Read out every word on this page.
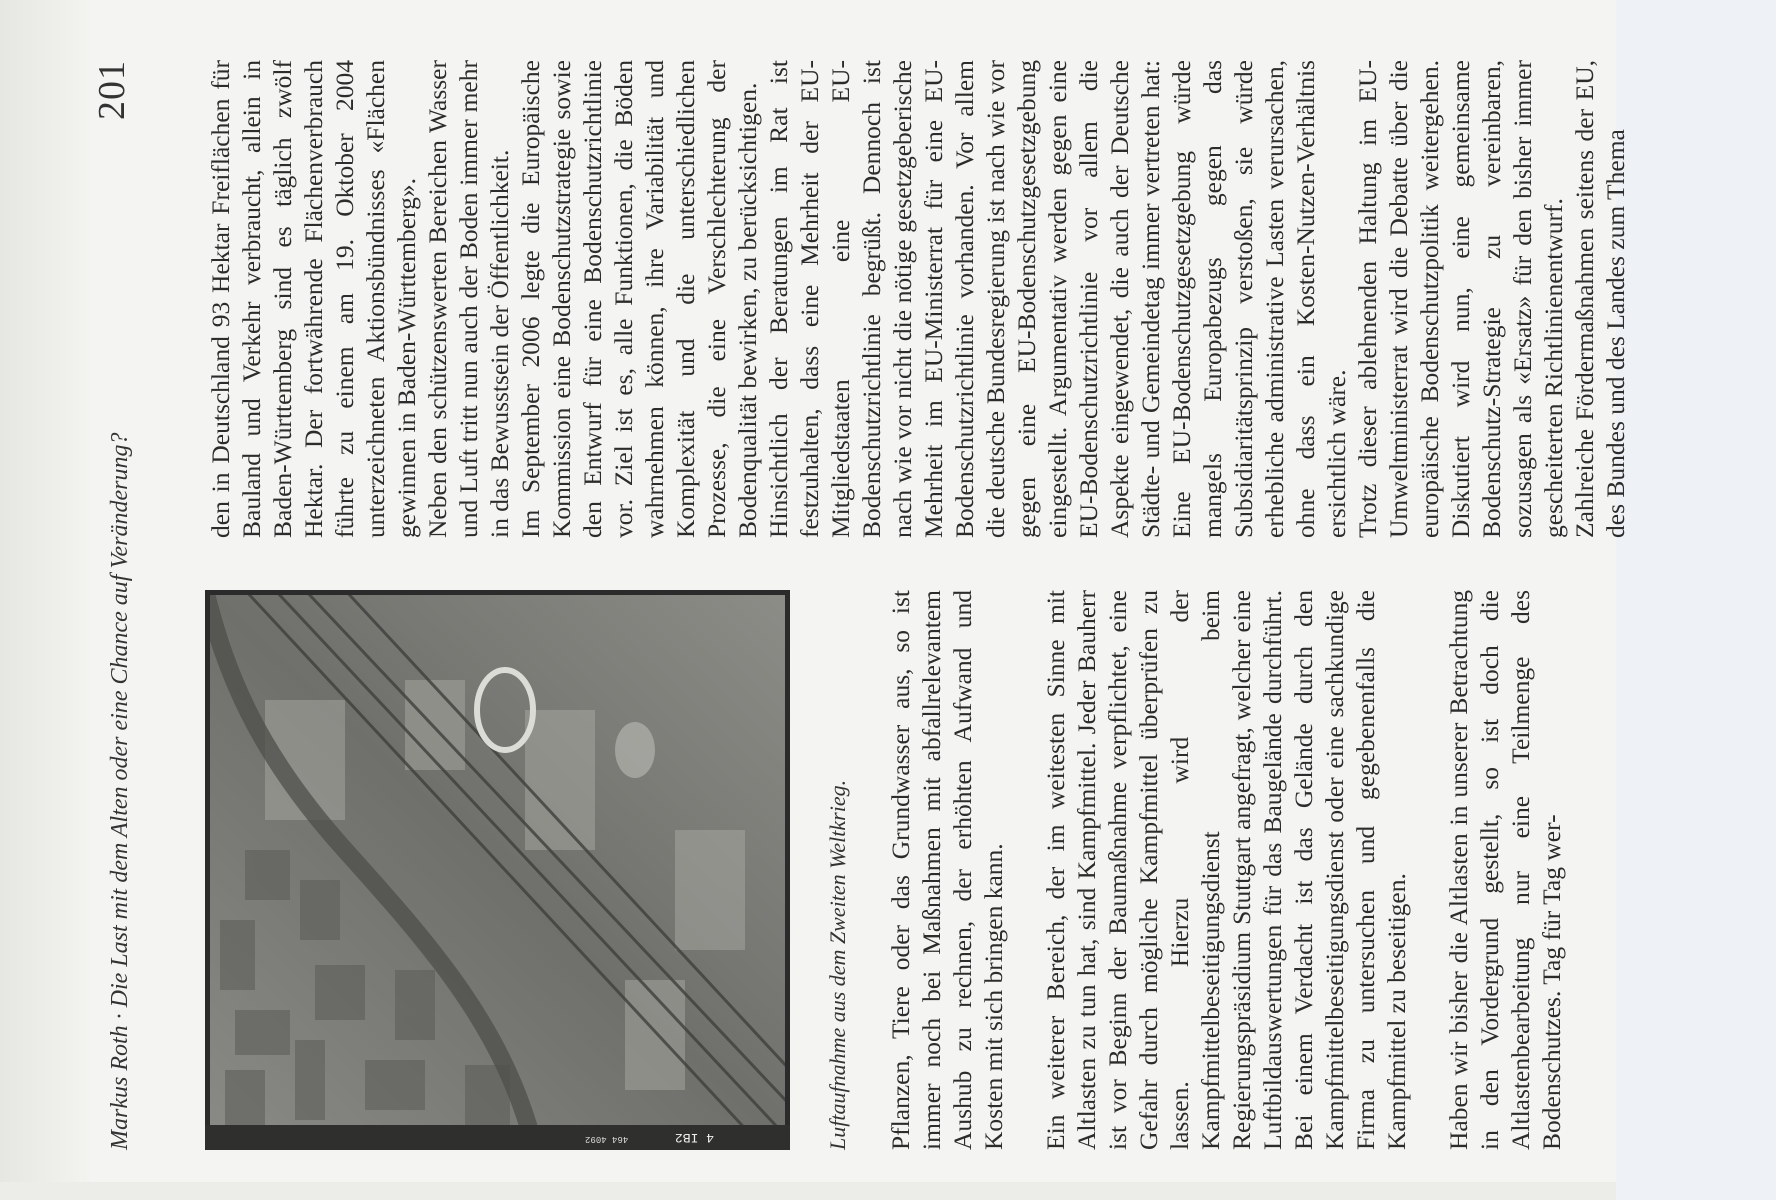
Markus Roth · Die Last mit dem Alten oder eine Chance auf Veränderung?
201
4 IB2
464 4092	Luftaufnahme aus dem Zweiten Weltkrieg. Pflanzen, Tiere oder das Grundwasser aus, so ist immer noch bei Maßnahmen mit abfallrelevantem Aushub zu rechnen, der erhöhten Aufwand und Kosten mit sich bringen kann. Ein weiterer Bereich, der im weitesten Sinne mit Altlasten zu tun hat, sind Kampfmittel. Jeder Bauherr ist vor Beginn der Baumaßnahme verpflichtet, eine Gefahr durch mögliche Kampfmittel überprüfen zu lassen. Hierzu wird der Kampfmittelbeseitigungsdienst beim Regierungspräsidium Stuttgart angefragt, welcher eine Luftbildauswertungen für das Baugelände durchführt. Bei einem Verdacht ist das Gelände durch den Kampfmittelbeseitigungsdienst oder eine sachkundige Firma zu untersuchen und gegebenenfalls die Kampfmittel zu beseitigen. Haben wir bisher die Altlasten in unserer Betrachtung in den Vordergrund gestellt, so ist doch die Altlastenbearbeitung nur eine Teilmenge des Bodenschutzes. Tag für Tag wer-

den in Deutschland 93 Hektar Freiflächen für Bauland und Verkehr verbraucht, allein in Baden-Württemberg sind es täglich zwölf Hektar. Der fortwährende Flächenverbrauch führte zu einem am 19. Oktober 2004 unterzeichneten Aktionsbündnisses «Flächen gewinnen in Baden-Württemberg». Neben den schützenswerten Bereichen Wasser und Luft tritt nun auch der Boden immer mehr in das Bewusstsein der Öffentlichkeit. Im September 2006 legte die Europäische Kommission eine Bodenschutzstrategie sowie den Entwurf für eine Bodenschutzrichtlinie vor. Ziel ist es, alle Funktionen, die Böden wahrnehmen können, ihre Variabilität und Komplexität und die unterschiedlichen Prozesse, die eine Verschlechterung der Bodenqualität bewirken, zu berücksichtigen. Hinsichtlich der Beratungen im Rat ist festzuhalten, dass eine Mehrheit der EU-Mitgliedstaaten eine EU-Bodenschutzrichtlinie begrüßt. Dennoch ist nach wie vor nicht die nötige gesetzgeberische Mehrheit im EU-Ministerrat für eine EU-Bodenschutzrichtlinie vorhanden. Vor allem die deutsche Bundesregierung ist nach wie vor gegen eine EU-Bodenschutzgesetzgebung eingestellt. Argumentativ werden gegen eine EU-Bodenschutzrichtlinie vor allem die Aspekte eingewendet, die auch der Deutsche Städte- und Gemeindetag immer vertreten hat: Eine EU-Bodenschutzgesetzgebung würde mangels Europabezugs gegen das Subsidiaritätsprinzip verstoßen, sie würde erhebliche administrative Lasten verursachen, ohne dass ein Kosten-Nutzen-Verhältnis ersichtlich wäre. Trotz dieser ablehnenden Haltung im EU-Umweltministerrat wird die Debatte über die europäische Bodenschutzpolitik weitergehen. Diskutiert wird nun, eine gemeinsame Bodenschutz-Strategie zu vereinbaren, sozusagen als «Ersatz» für den bisher immer gescheiterten Richtlinienentwurf. Zahlreiche Fördermaßnahmen seitens der EU, des Bundes und des Landes zum Thema
